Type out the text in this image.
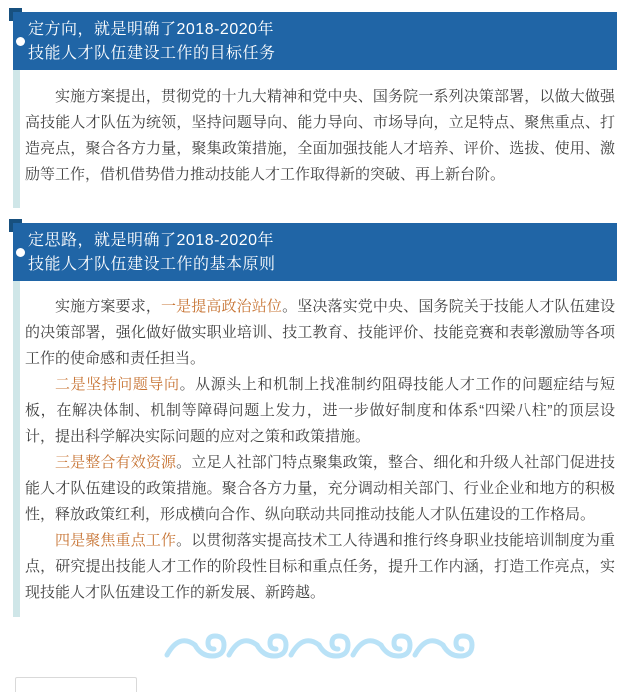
定方向，就是明确了2018-2020年
技能人才队伍建设工作的目标任务

实施方案提出，贯彻党的十九大精神和党中央、国务院一系列决策部署，以做大做强高技能人才队伍为统领，坚持问题导向、能力导向、市场导向，立足特点、聚焦重点、打造亮点，聚合各方力量，聚集政策措施，全面加强技能人才培养、评价、选拔、使用、激励等工作，借机借势借力推动技能人才工作取得新的突破、再上新台阶。

定思路，就是明确了2018-2020年
技能人才队伍建设工作的基本原则

实施方案要求，一是提高政治站位。坚决落实党中央、国务院关于技能人才队伍建设的决策部署，强化做好做实职业培训、技工教育、技能评价、技能竞赛和表彰激励等各项工作的使命感和责任担当。

二是坚持问题导向。从源头上和机制上找准制约阻碍技能人才工作的问题症结与短板，在解决体制、机制等障碍问题上发力，进一步做好制度和体系“四梁八柱”的顶层设计，提出科学解决实际问题的应对之策和政策措施。

三是整合有效资源。立足人社部门特点聚集政策，整合、细化和升级人社部门促进技能人才队伍建设的政策措施。聚合各方力量，充分调动相关部门、行业企业和地方的积极性，释放政策红利，形成横向合作、纵向联动共同推动技能人才队伍建设的工作格局。

四是聚焦重点工作。以贯彻落实提高技术工人待遇和推行终身职业技能培训制度为重点，研究提出技能人才工作的阶段性目标和重点任务，提升工作内涵，打造工作亮点，实现技能人才队伍建设工作的新发展、新跨越。
